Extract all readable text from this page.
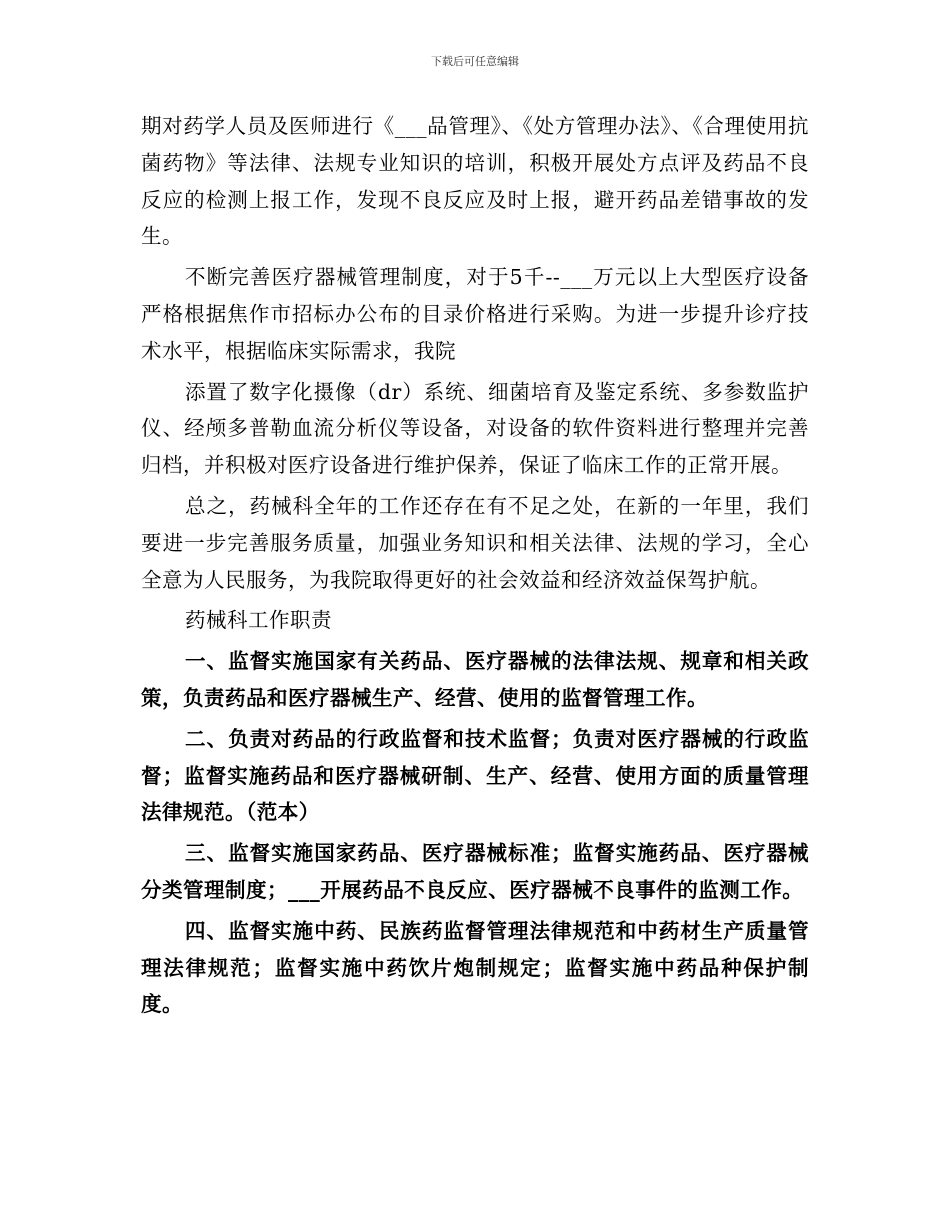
下载后可任意编辑

期对药学人员及医师进行《___品管理》、《处方管理办法》、《合理使用抗菌药物》等法律、法规专业知识的培训，积极开展处方点评及药品不良反应的检测上报工作，发现不良反应及时上报，避开药品差错事故的发生。

不断完善医疗器械管理制度，对于5千--___万元以上大型医疗设备严格根据焦作市招标办公布的目录价格进行采购。为进一步提升诊疗技术水平，根据临床实际需求，我院

添置了数字化摄像（dr）系统、细菌培育及鉴定系统、多参数监护仪、经颅多普勒血流分析仪等设备，对设备的软件资料进行整理并完善归档，并积极对医疗设备进行维护保养，保证了临床工作的正常开展。

总之，药械科全年的工作还存在有不足之处，在新的一年里，我们要进一步完善服务质量，加强业务知识和相关法律、法规的学习，全心全意为人民服务，为我院取得更好的社会效益和经济效益保驾护航。

药械科工作职责

一、监督实施国家有关药品、医疗器械的法律法规、规章和相关政策，负责药品和医疗器械生产、经营、使用的监督管理工作。

二、负责对药品的行政监督和技术监督；负责对医疗器械的行政监督；监督实施药品和医疗器械研制、生产、经营、使用方面的质量管理法律规范。（范本）

三、监督实施国家药品、医疗器械标准；监督实施药品、医疗器械分类管理制度；___开展药品不良反应、医疗器械不良事件的监测工作。

四、监督实施中药、民族药监督管理法律规范和中药材生产质量管理法律规范；监督实施中药饮片炮制规定；监督实施中药品种保护制度。
